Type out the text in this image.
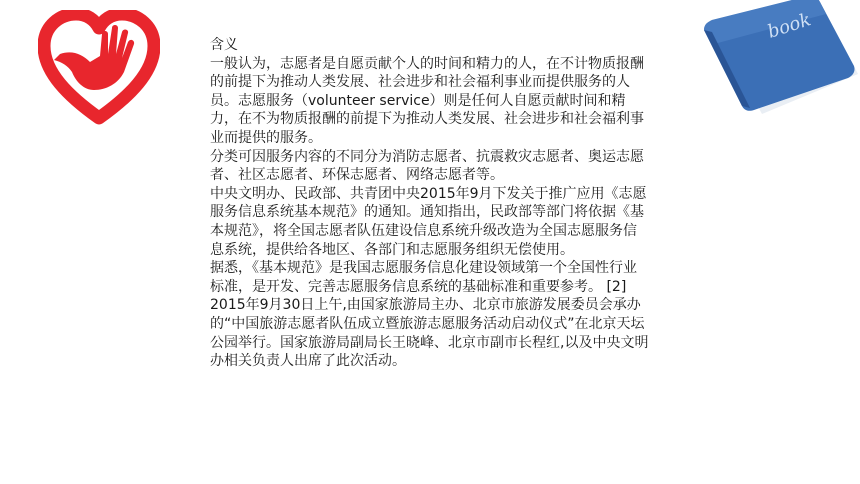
book

含义

一般认为，志愿者是自愿贡献个人的时间和精力的人，在不计物质报酬的前提下为推动人类发展、社会进步和社会福利事业而提供服务的人员。志愿服务（volunteer service）则是任何人自愿贡献时间和精力，在不为物质报酬的前提下为推动人类发展、社会进步和社会福利事业而提供的服务。

分类可因服务内容的不同分为消防志愿者、抗震救灾志愿者、奥运志愿者、社区志愿者、环保志愿者、网络志愿者等。

中央文明办、民政部、共青团中央2015年9月下发关于推广应用《志愿服务信息系统基本规范》的通知。通知指出，民政部等部门将依据《基本规范》，将全国志愿者队伍建设信息系统升级改造为全国志愿服务信息系统，提供给各地区、各部门和志愿服务组织无偿使用。

据悉，《基本规范》是我国志愿服务信息化建设领域第一个全国性行业标准，是开发、完善志愿服务信息系统的基础标准和重要参考。 [2]

2015年9月30日上午,由国家旅游局主办、北京市旅游发展委员会承办的“中国旅游志愿者队伍成立暨旅游志愿服务活动启动仪式”在北京天坛公园举行。国家旅游局副局长王晓峰、北京市副市长程红,以及中央文明办相关负责人出席了此次活动。
